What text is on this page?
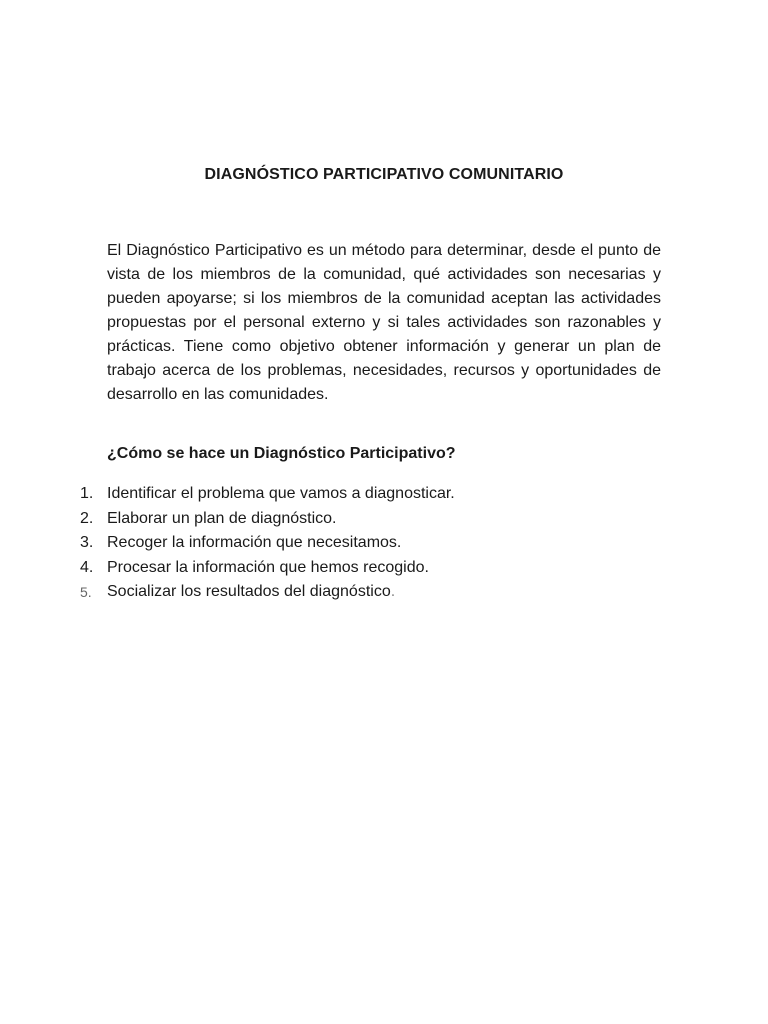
DIAGNÓSTICO PARTICIPATIVO COMUNITARIO

El Diagnóstico Participativo es un método para determinar, desde el punto de vista de los miembros de la comunidad, qué actividades son necesarias y pueden apoyarse; si los miembros de la comunidad aceptan las actividades propuestas por el personal externo y si tales actividades son razonables y prácticas. Tiene como objetivo obtener información y generar un plan de trabajo acerca de los problemas, necesidades, recursos y oportunidades de desarrollo en las comunidades.

¿Cómo se hace un Diagnóstico Participativo?
1. Identificar el problema que vamos a diagnosticar.
2. Elaborar un plan de diagnóstico.
3. Recoger la información que necesitamos.
4. Procesar la información que hemos recogido.
5. Socializar los resultados del diagnóstico .
